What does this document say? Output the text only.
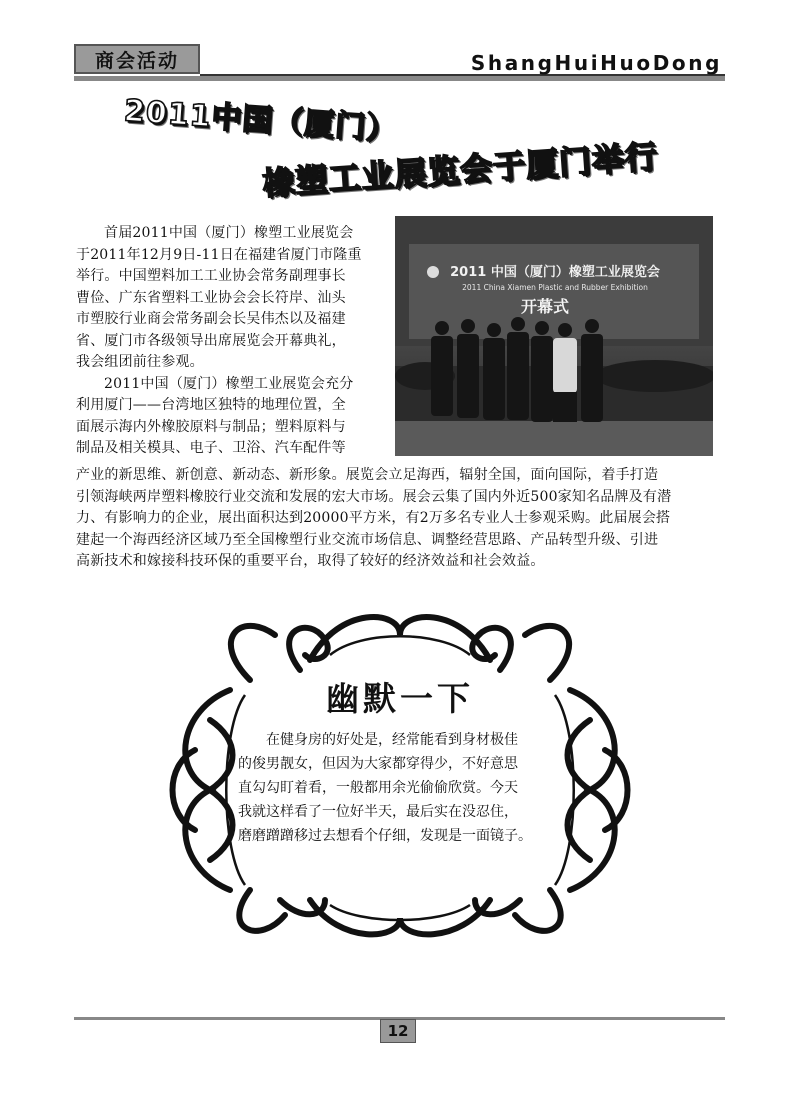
商会活动	ShangHuiHuoDong
2011中国（厦门）
橡塑工业展览会于厦门举行
2011 中国（厦门）橡塑工业展览会
2011 China Xiamen Plastic and Rubber Exhibition
开幕式

首届2011中国（厦门）橡塑工业展览会
于2011年12月9日-11日在福建省厦门市隆重
举行。中国塑料加工工业协会常务副理事长
曹俭、广东省塑料工业协会会长符岸、汕头
市塑胶行业商会常务副会长吴伟杰以及福建
省、厦门市各级领导出席展览会开幕典礼，
我会组团前往参观。

2011中国（厦门）橡塑工业展览会充分
利用厦门——台湾地区独特的地理位置，全
面展示海内外橡胶原料与制品；塑料原料与
制品及相关模具、电子、卫浴、汽车配件等

产业的新思维、新创意、新动态、新形象。展览会立足海西，辐射全国，面向国际，着手打造
引领海峡两岸塑料橡胶行业交流和发展的宏大市场。展会云集了国内外近500家知名品牌及有潜
力、有影响力的企业，展出面积达到20000平方米，有2万多名专业人士参观采购。此届展会搭
建起一个海西经济区域乃至全国橡塑行业交流市场信息、调整经营思路、产品转型升级、引进
高新技术和嫁接科技环保的重要平台，取得了较好的经济效益和社会效益。

幽默一下

在健身房的好处是，经常能看到身材极佳
的俊男靓女，但因为大家都穿得少，不好意思
直勾勾盯着看，一般都用余光偷偷欣赏。今天
我就这样看了一位好半天，最后实在没忍住，
磨磨蹭蹭移过去想看个仔细，发现是一面镜子。

12
